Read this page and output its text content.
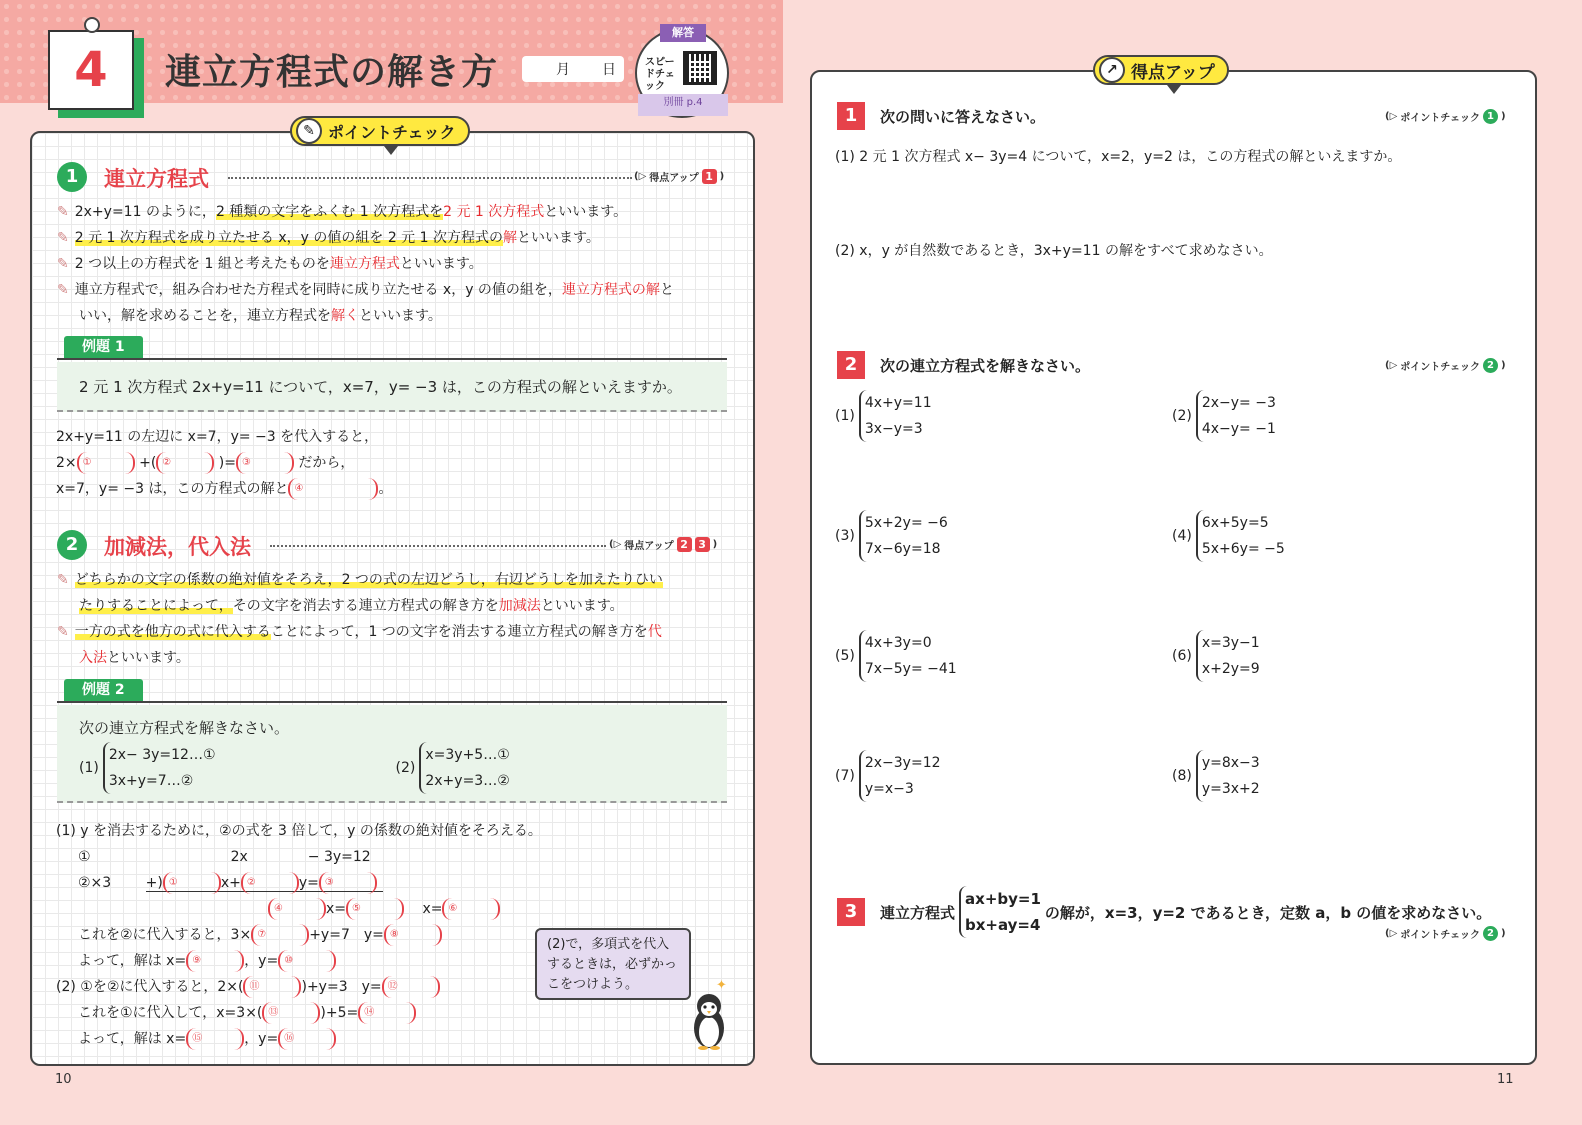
4	連立方程式の解き方	月 日
解答
スピードチェック
別冊 p.4
✎ ポイントチェック
1	連立方程式	(▷ 得点アップ 1 )
✎ 2x+y=11 のように，2 種類の文字をふくむ 1 次方程式を2 元 1 次方程式といいます。
✎ 2 元 1 次方程式を成り立たせる x，y の値の組を 2 元 1 次方程式の解といいます。
✎ 2 つ以上の方程式を 1 組と考えたものを連立方程式といいます。
✎ 連立方程式で，組み合わせた方程式を同時に成り立たせる x，y の値の組を，連立方程式の解と
いい，解を求めることを，連立方程式を解くといいます。
例題 1
2 元 1 次方程式 2x+y=11 について，x=7，y= −3 は，この方程式の解といえますか。
2x+y=11 の左辺に x=7，y= −3 を代入すると，
2× ①	+( ②	)= ③	だから，
x=7，y= −3 は，この方程式の解と ④	。
2	加減法，代入法	(▷ 得点アップ 2 3 )
✎ どちらかの文字の係数の絶対値をそろえ，2 つの式の左辺どうし，右辺どうしを加えたりひい
たりすることによって，その文字を消去する連立方程式の解き方を加減法といいます。
✎ 一方の式を他方の式に代入することによって，1 つの文字を消去する連立方程式の解き方を代
入法といいます。
例題 2
次の連立方程式を解きなさい。
(1)
2x− 3y=12…①
3x+y=7…②
(2)
x=3y+5…①
2x+y=3…②
(1) y を消去するために，②の式を 3 倍して，y の係数の絶対値をそろえる。
①	2x	− 3y=12
②×3 +) ①	x+ ②	y= ③
④	x= ⑤	x= ⑥
これを②に代入すると，3× ⑦	+y=7　y= ⑧
よって，解は x= ⑨	，y= ⑩
(2) ①を②に代入すると，2×( ⑪	)+y=3　y= ⑫
これを①に代入して，x=3×( ⑬	)+5= ⑭
よって，解は x= ⑮	，y= ⑯
(2)で，多項式を代入するときは，必ずかっこをつけよう。	✦
10
↗ 得点アップ
1	次の問いに答えなさい。	(▷ ポイントチェック 1 )
(1) 2 元 1 次方程式 x− 3y=4 について，x=2，y=2 は，この方程式の解といえますか。
(2) x，y が自然数であるとき，3x+y=11 の解をすべて求めなさい。
2	次の連立方程式を解きなさい。	(▷ ポイントチェック 2 )
(1)
4x+y=11
3x−y=3
(2)
2x−y= −3
4x−y= −1
(3)
5x+2y= −6
7x−6y=18
(4)
6x+5y=5
5x+6y= −5
(5)
4x+3y=0
7x−5y= −41
(6)
x=3y−1
x+2y=9
(7)
2x−3y=12
y=x−3
(8)
y=8x−3
y=3x+2
3	連立方程式
ax+by=1
bx+ay=4
の解が，x=3，y=2 であるとき，定数 a，b の値を求めなさい。
(▷ ポイントチェック 2 )
11
